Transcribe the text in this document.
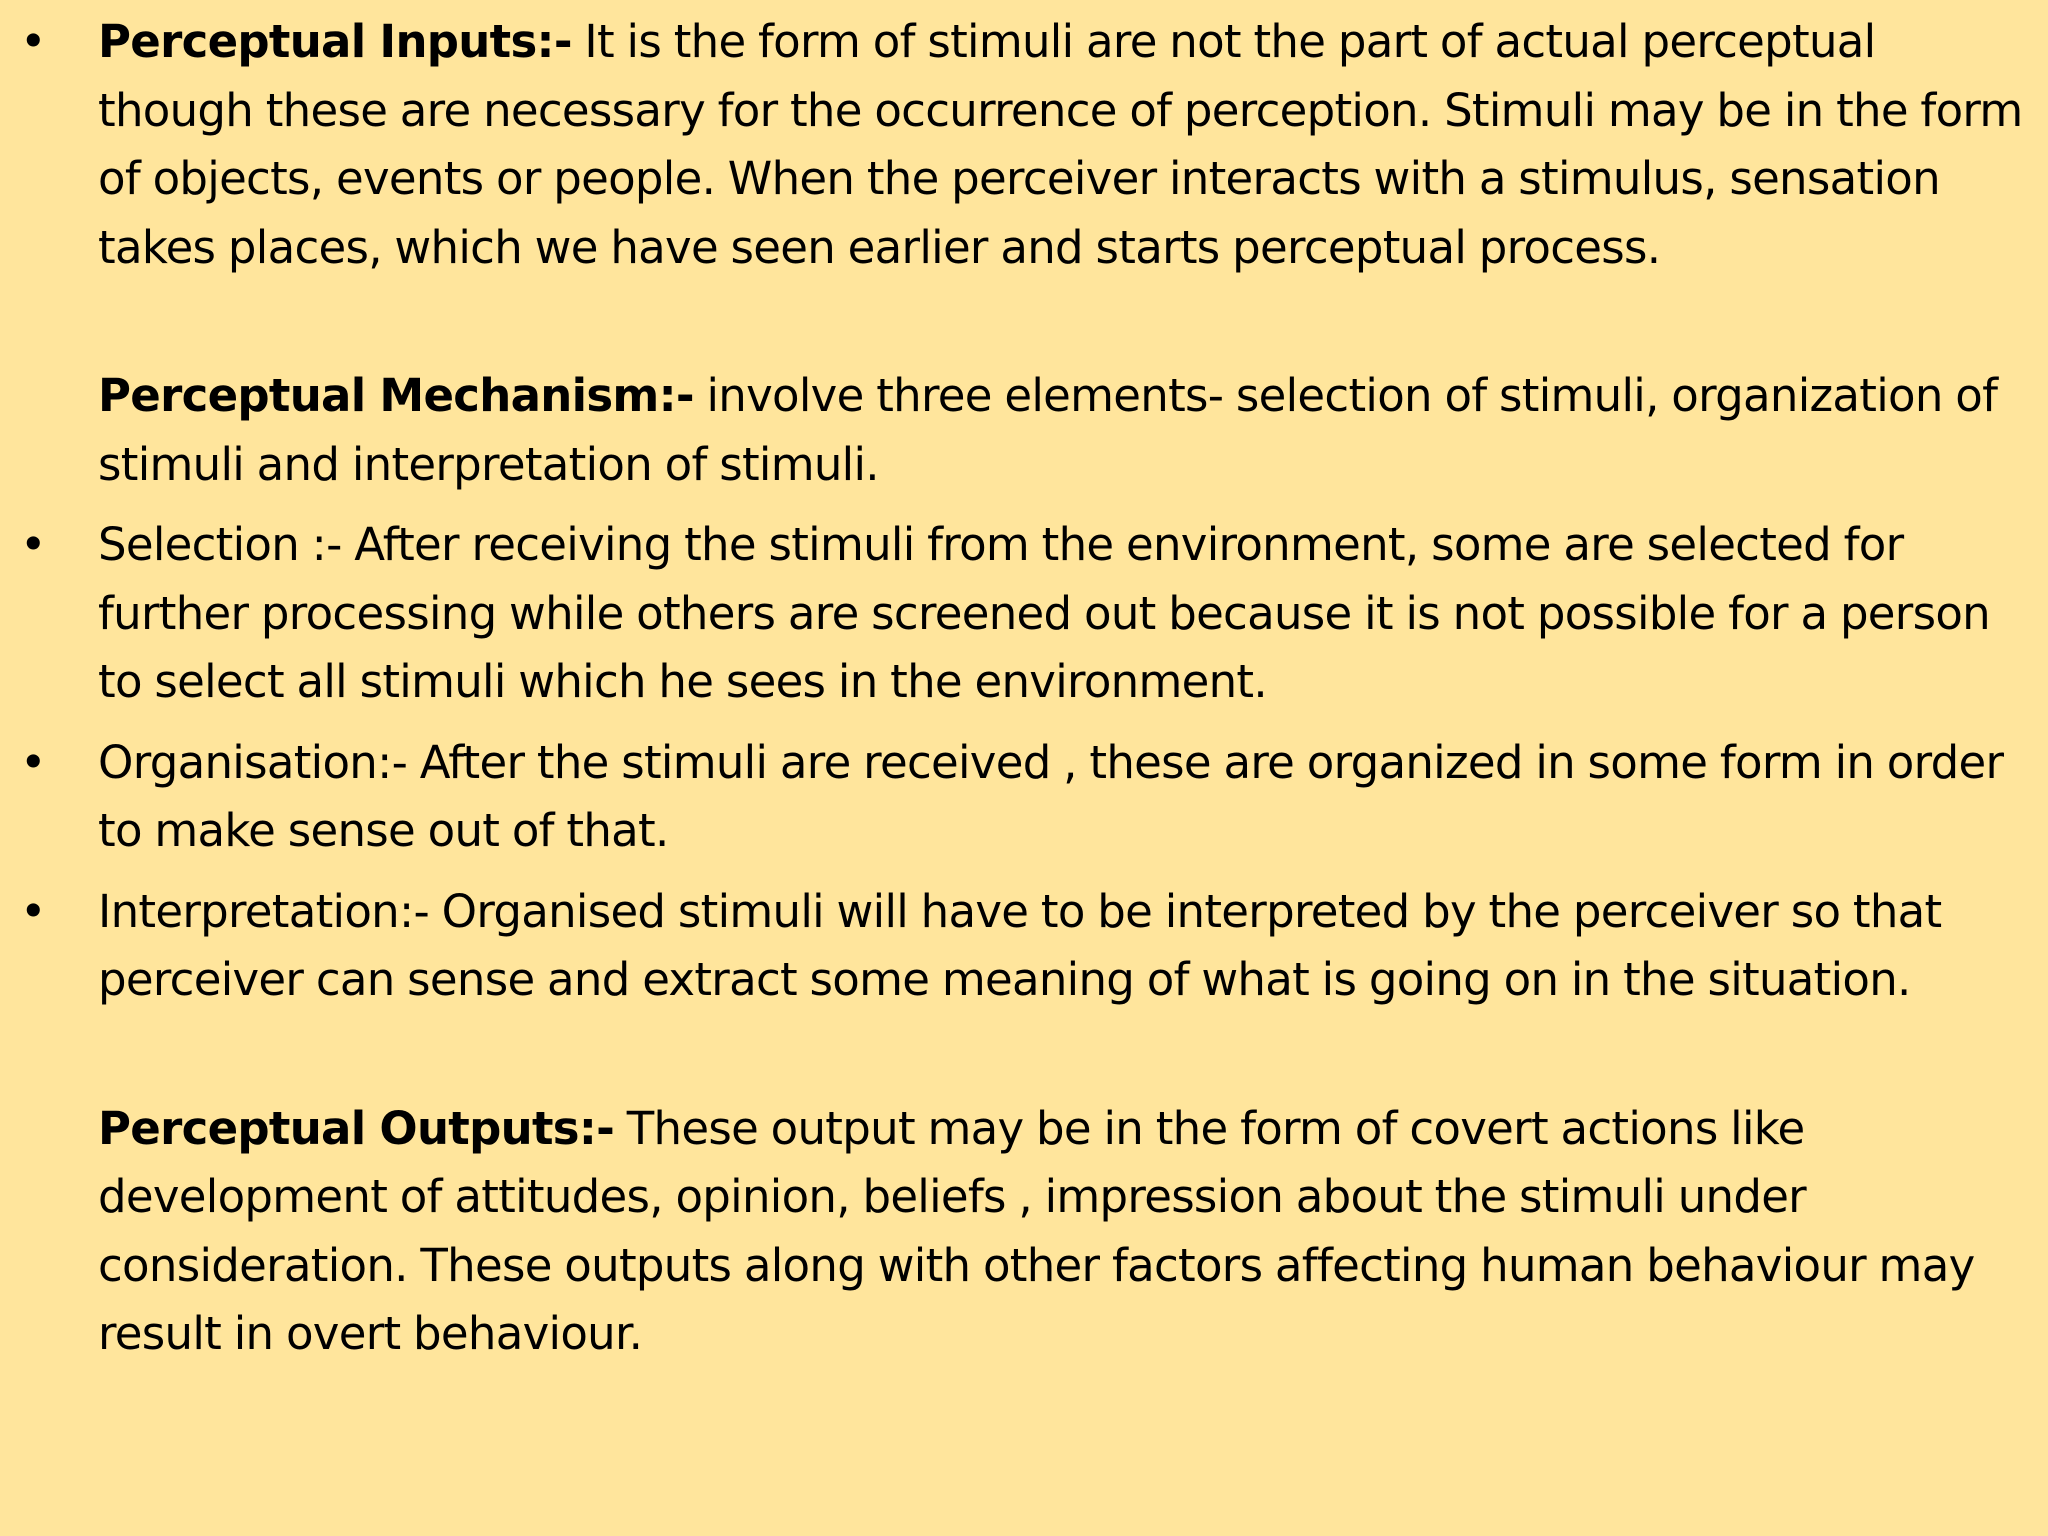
• Perceptual Inputs:- It is the form of stimuli are not the part of actual perceptual though these are necessary for the occurrence of perception. Stimuli may be in the form of objects, events or people. When the perceiver interacts with a stimulus, sensation takes places, which we have seen earlier and starts perceptual process.
Perceptual Mechanism:- involve three elements- selection of stimuli, organization of stimuli and interpretation of stimuli.
• Selection :- After receiving the stimuli from the environment, some are selected for further processing while others are screened out because it is not possible for a person to select all stimuli which he sees in the environment.
• Organisation:- After the stimuli are received , these are organized in some form in order to make sense out of that.
• Interpretation:- Organised stimuli will have to be interpreted by the perceiver so that perceiver can sense and extract some meaning of what is going on in the situation.
Perceptual Outputs:- These output may be in the form of covert actions like development of attitudes, opinion, beliefs , impression about the stimuli under consideration. These outputs along with other factors affecting human behaviour may result in overt behaviour.
